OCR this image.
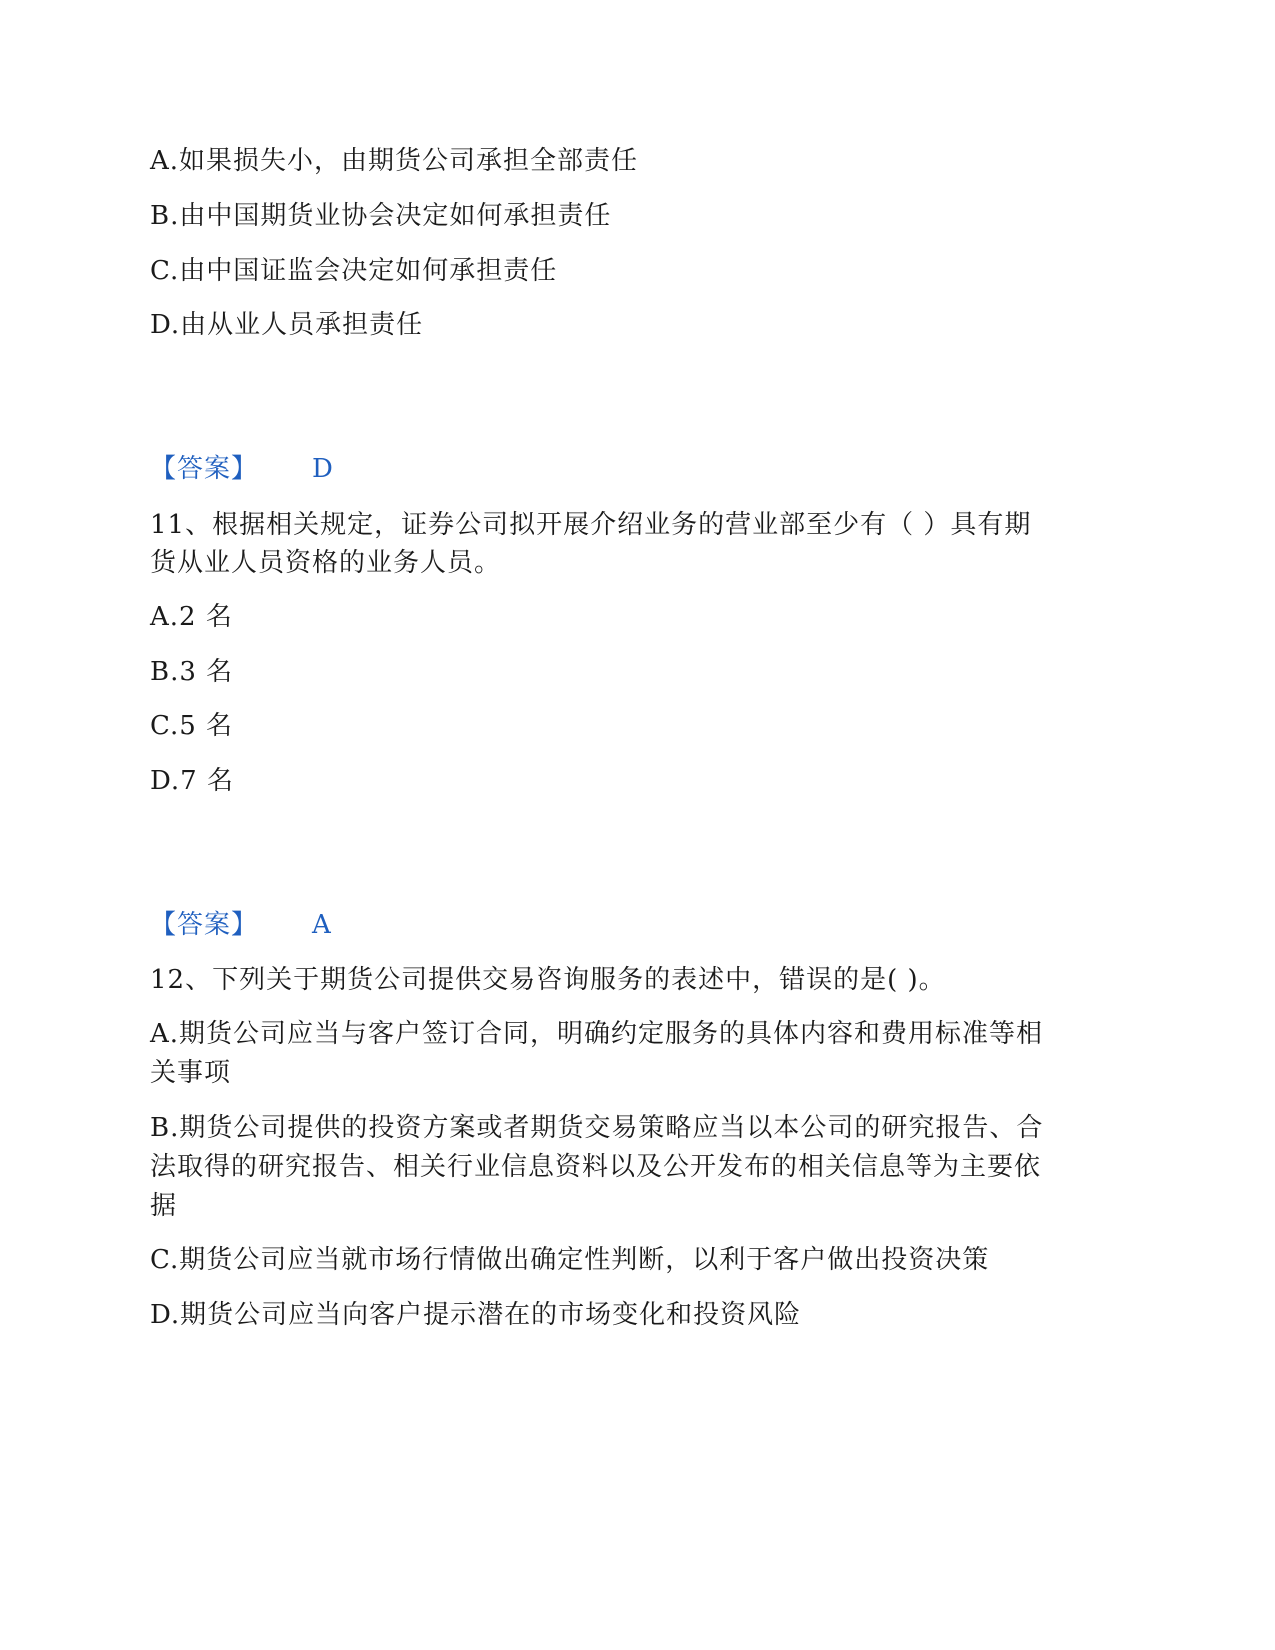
A.如果损失小，由期货公司承担全部责任
B.由中国期货业协会决定如何承担责任
C.由中国证监会决定如何承担责任
D.由从业人员承担责任
【答案】 D
11、根据相关规定，证券公司拟开展介绍业务的营业部至少有（ ）具有期
货从业人员资格的业务人员。
A.2 名
B.3 名
C.5 名
D.7 名
【答案】 A
12、下列关于期货公司提供交易咨询服务的表述中，错误的是( )。
A.期货公司应当与客户签订合同，明确约定服务的具体内容和费用标准等相
关事项
B.期货公司提供的投资方案或者期货交易策略应当以本公司的研究报告、合
法取得的研究报告、相关行业信息资料以及公开发布的相关信息等为主要依
据
C.期货公司应当就市场行情做出确定性判断，以利于客户做出投资决策
D.期货公司应当向客户提示潜在的市场变化和投资风险
